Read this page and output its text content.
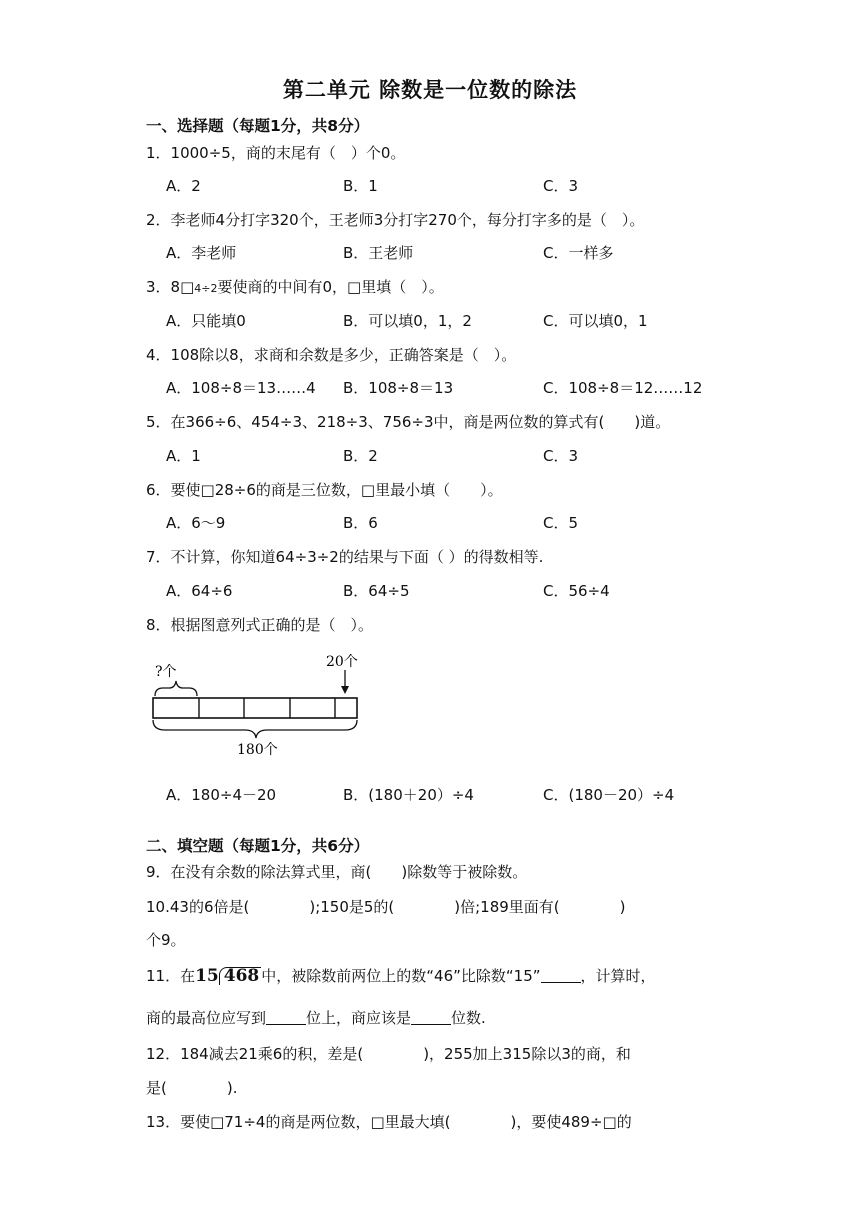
第二单元 除数是一位数的除法
一、选择题（每题1分，共8分）
1．1000÷5，商的末尾有（　）个0。
A．2	B．1	C．3
2．李老师4分打字320个，王老师3分打字270个，每分打字多的是（　）。
A．李老师	B．王老师	C．一样多
3．8□4÷2要使商的中间有0，□里填（　）。
A．只能填0	B．可以填0，1，2	C．可以填0，1
4．108除以8，求商和余数是多少，正确答案是（　）。
A．108÷8＝13……4 B．108÷8＝13	C．108÷8＝12……12
5．在366÷6、454÷3、218÷3、756÷3中，商是两位数的算式有(　　)道。
A．1	B．2	C．3
6．要使□28÷6的商是三位数，□里最小填（　　）。
A．6～9	B．6	C．5
7．不计算，你知道64÷3÷2的结果与下面（ ）的得数相等.
A．64÷6	B．64÷5	C．56÷4
8．根据图意列式正确的是（　）。
?个
20个
180个
A．180÷4－20	B．(180＋20）÷4	C．(180－20）÷4
二、填空题（每题1分，共6分）
9．在没有余数的除法算式里，商(　　)除数等于被除数。
10.43的6倍是(　　　　);150是5的(　　　　)倍;189里面有(　　　　)
个9。
11．在15 468 中，被除数前两位上的数“46”比除数“15”	，计算时，
商的最高位应写到	位上，商应该是	位数.
12．184减去21乘6的积，差是(　　　　)，255加上315除以3的商，和
是(　　　　).
13．要使□71÷4的商是两位数，□里最大填(　　　　)，要使489÷□的
